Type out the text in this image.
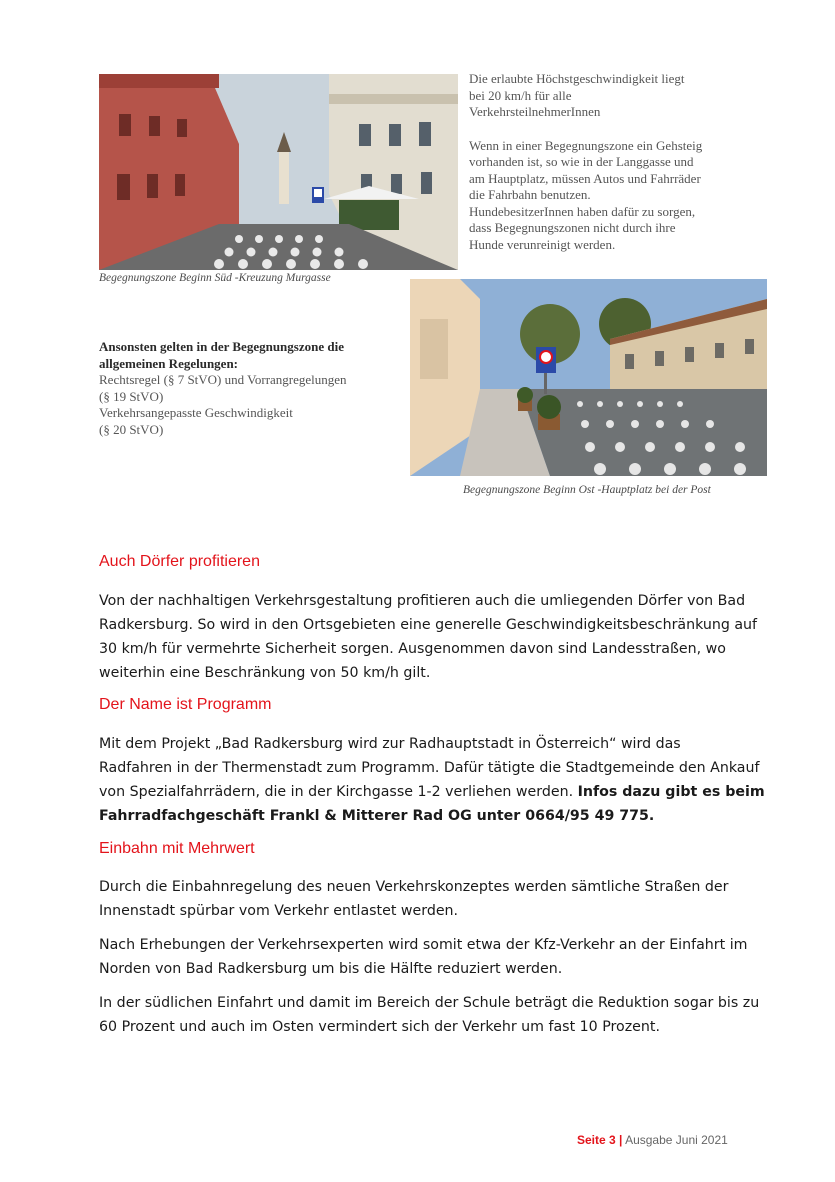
Begegnungszone Beginn Süd -Kreuzung Murgasse
Die erlaubte Höchstgeschwindigkeit liegt
bei 20 km/h für alle
VerkehrsteilnehmerInnen
Wenn in einer Begegnungszone ein Gehsteig
vorhanden ist, so wie in der Langgasse und
am Hauptplatz, müssen Autos und Fahrräder
die Fahrbahn benutzen.
HundebesitzerInnen haben dafür zu sorgen,
dass Begegnungszonen nicht durch ihre
Hunde verunreinigt werden.
Begegnungszone Beginn Ost -Hauptplatz bei der Post
Ansonsten gelten in der Begegnungszone die
allgemeinen Regelungen:
Rechtsregel (§ 7 StVO) und Vorrangregelungen
(§ 19 StVO)
Verkehrsangepasste Geschwindigkeit
(§ 20 StVO)
Auch Dörfer profitieren
Von der nachhaltigen Verkehrsgestaltung profitieren auch die umliegenden Dörfer von Bad
Radkersburg. So wird in den Ortsgebieten eine generelle Geschwindigkeitsbeschränkung auf
30 km/h für vermehrte Sicherheit sorgen. Ausgenommen davon sind Landesstraßen, wo
weiterhin eine Beschränkung von 50 km/h gilt.
Der Name ist Programm
Mit dem Projekt „Bad Radkersburg wird zur Radhauptstadt in Österreich“ wird das
Radfahren in der Thermenstadt zum Programm. Dafür tätigte die Stadtgemeinde den Ankauf
von Spezialfahrrädern, die in der Kirchgasse 1-2 verliehen werden. Infos dazu gibt es beim
Fahrradfachgeschäft Frankl & Mitterer Rad OG unter 0664/95 49 775.
Einbahn mit Mehrwert
Durch die Einbahnregelung des neuen Verkehrskonzeptes werden sämtliche Straßen der
Innenstadt spürbar vom Verkehr entlastet werden.
Nach Erhebungen der Verkehrsexperten wird somit etwa der Kfz-Verkehr an der Einfahrt im
Norden von Bad Radkersburg um bis die Hälfte reduziert werden.
In der südlichen Einfahrt und damit im Bereich der Schule beträgt die Reduktion sogar bis zu
60 Prozent und auch im Osten vermindert sich der Verkehr um fast 10 Prozent.
Seite 3 | Ausgabe Juni 2021
